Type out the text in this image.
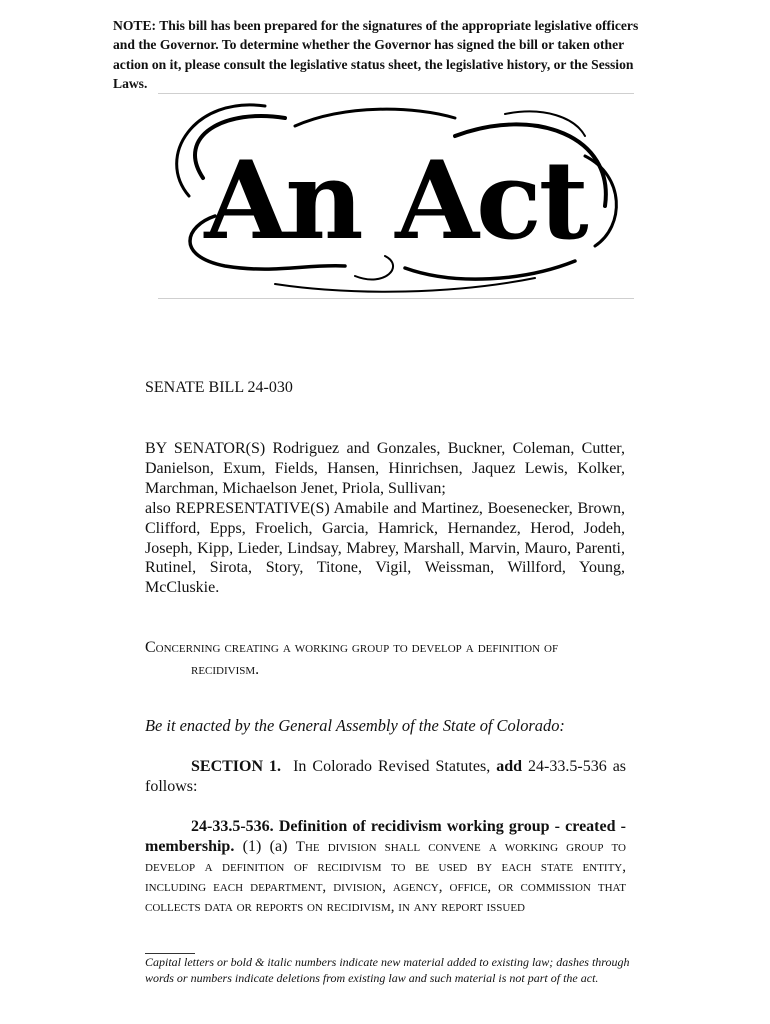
NOTE: This bill has been prepared for the signatures of the appropriate legislative officers and the Governor. To determine whether the Governor has signed the bill or taken other action on it, please consult the legislative status sheet, the legislative history, or the Session Laws.
An Act
SENATE BILL 24-030
BY SENATOR(S) Rodriguez and Gonzales, Buckner, Coleman, Cutter, Danielson, Exum, Fields, Hansen, Hinrichsen, Jaquez Lewis, Kolker, Marchman, Michaelson Jenet, Priola, Sullivan;
also REPRESENTATIVE(S) Amabile and Martinez, Boesenecker, Brown, Clifford, Epps, Froelich, Garcia, Hamrick, Hernandez, Herod, Jodeh, Joseph, Kipp, Lieder, Lindsay, Mabrey, Marshall, Marvin, Mauro, Parenti, Rutinel, Sirota, Story, Titone, Vigil, Weissman, Willford, Young, McCluskie.
Concerning creating a working group to develop a definition of
recidivism.
Be it enacted by the General Assembly of the State of Colorado:
SECTION 1. In Colorado Revised Statutes, add 24-33.5-536 as follows:
24-33.5-536. Definition of recidivism working group - created - membership. (1) (a) The division shall convene a working group to develop a definition of recidivism to be used by each state entity, including each department, division, agency, office, or commission that collects data or reports on recidivism, in any report issued
Capital letters or bold & italic numbers indicate new material added to existing law; dashes through words or numbers indicate deletions from existing law and such material is not part of the act.
